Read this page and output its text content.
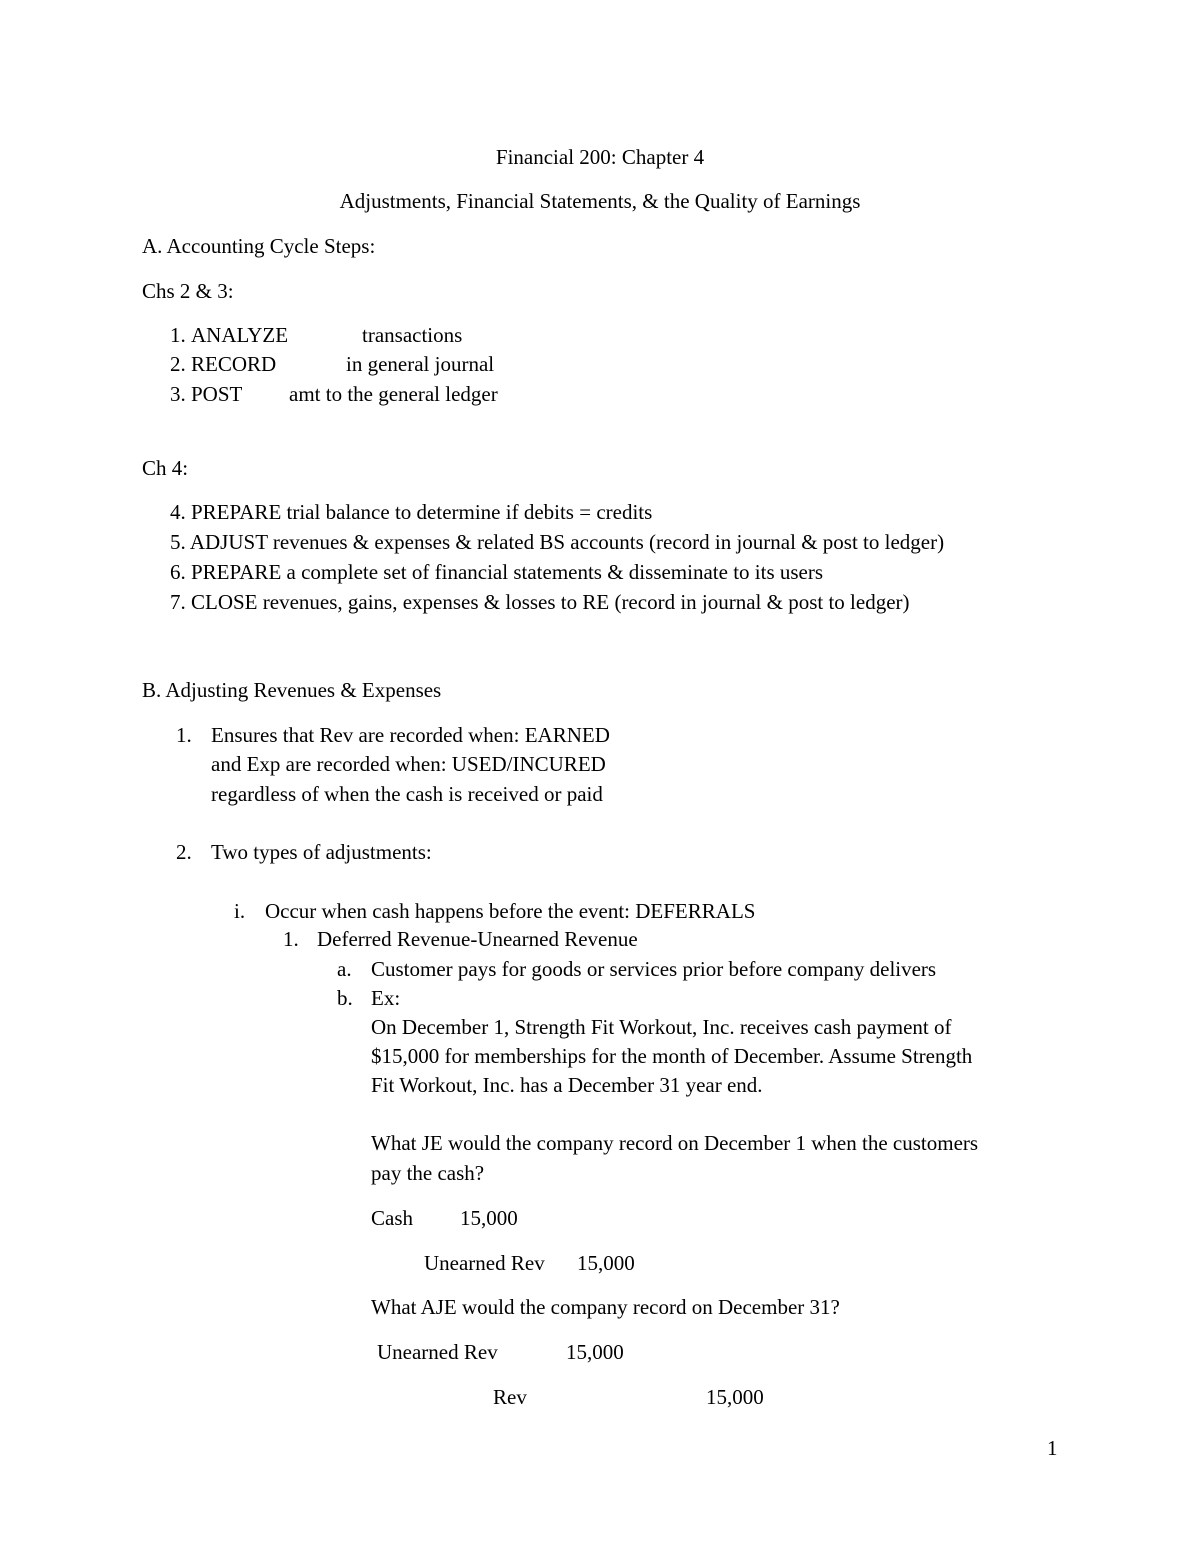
Financial 200: Chapter 4
Adjustments, Financial Statements, & the Quality of Earnings
A. Accounting Cycle Steps:
Chs 2 & 3:
1. ANALYZE	transactions
2. RECORD	in general journal
3. POST amt to the general ledger
Ch 4:
4. PREPARE trial balance to determine if debits = credits
5. ADJUST revenues & expenses & related BS accounts (record in journal & post to ledger)
6. PREPARE a complete set of financial statements & disseminate to its users
7. CLOSE revenues, gains, expenses & losses to RE (record in journal & post to ledger)
B. Adjusting Revenues & Expenses
1. Ensures that Rev are recorded when: EARNED
and Exp are recorded when: USED/INCURED
regardless of when the cash is received or paid
2. Two types of adjustments:
i. Occur when cash happens before the event: DEFERRALS
1. Deferred Revenue-Unearned Revenue
a. Customer pays for goods or services prior before company delivers
b. Ex:
On December 1, Strength Fit Workout, Inc. receives cash payment of
$15,000 for memberships for the month of December. Assume Strength
Fit Workout, Inc. has a December 31 year end.
What JE would the company record on December 1 when the customers
pay the cash?
Cash 15,000
Unearned Rev 15,000
What AJE would the company record on December 31?
Unearned Rev	15,000
Rev	15,000
1
